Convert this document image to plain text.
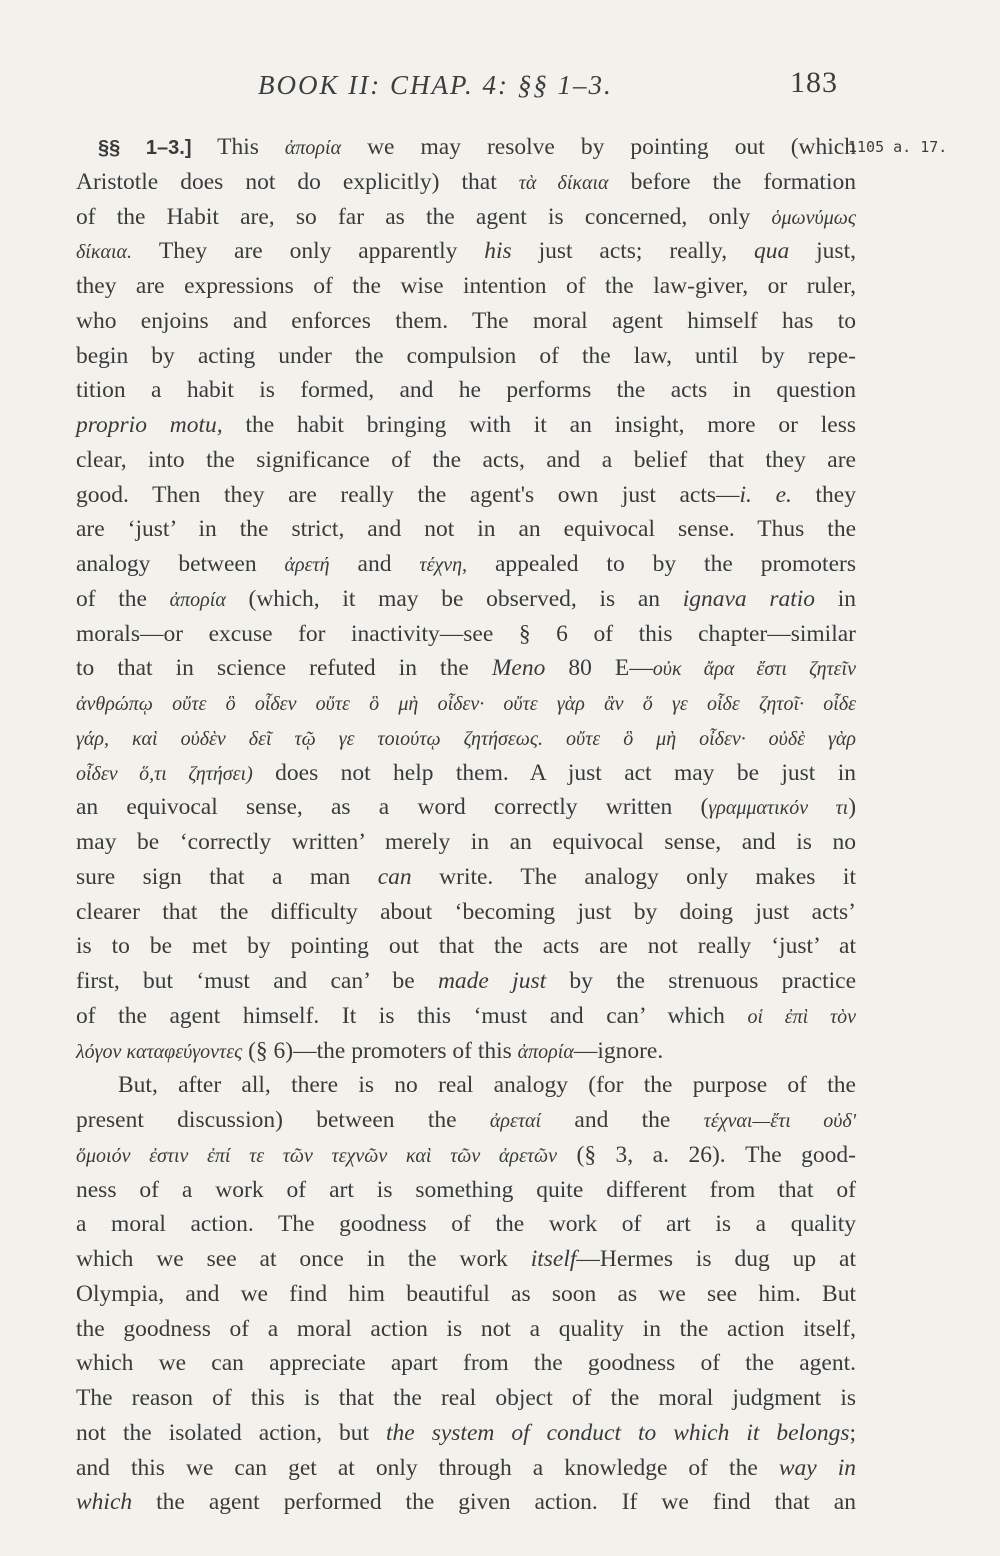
BOOK II: CHAP. 4: §§ 1–3.	183
1105 a. 17.
§§ 1–3.] This ἀπορία we may resolve by pointing out (which
Aristotle does not do explicitly) that τὰ δίκαια before the formation
of the Habit are, so far as the agent is concerned, only ὁμωνύμως
δίκαια. They are only apparently his just acts; really, qua just,
they are expressions of the wise intention of the law-giver, or ruler,
who enjoins and enforces them. The moral agent himself has to
begin by acting under the compulsion of the law, until by repe-
tition a habit is formed, and he performs the acts in question
proprio motu, the habit bringing with it an insight, more or less
clear, into the significance of the acts, and a belief that they are
good. Then they are really the agent's own just acts—i. e. they
are ‘just’ in the strict, and not in an equivocal sense. Thus the
analogy between ἀρετή and τέχνη, appealed to by the promoters
of the ἀπορία (which, it may be observed, is an ignava ratio in
morals—or excuse for inactivity—see § 6 of this chapter—similar
to that in science refuted in the Meno 80 E—οὐκ ἄρα ἔστι ζητεῖν
ἀνθρώπῳ οὔτε ὃ οἶδεν οὔτε ὃ μὴ οἶδεν· οὔτε γὰρ ἂν ὅ γε οἶδε ζητοῖ· οἶδε
γάρ, καὶ οὐδὲν δεῖ τῷ γε τοιούτῳ ζητήσεως. οὔτε ὃ μὴ οἶδεν· οὐδὲ γὰρ
οἶδεν ὅ,τι ζητήσει) does not help them. A just act may be just in
an equivocal sense, as a word correctly written (γραμματικόν τι)
may be ‘correctly written’ merely in an equivocal sense, and is no
sure sign that a man can write. The analogy only makes it
clearer that the difficulty about ‘becoming just by doing just acts’
is to be met by pointing out that the acts are not really ‘just’ at
first, but ‘must and can’ be made just by the strenuous practice
of the agent himself. It is this ‘must and can’ which οἱ ἐπὶ τὸν
λόγον καταφεύγοντες (§ 6)—the promoters of this ἀπορία—ignore.
But, after all, there is no real analogy (for the purpose of the
present discussion) between the ἀρεταί and the τέχναι—ἔτι οὐδ'
ὅμοιόν ἐστιν ἐπί τε τῶν τεχνῶν καὶ τῶν ἀρετῶν (§ 3, a. 26). The good-
ness of a work of art is something quite different from that of
a moral action. The goodness of the work of art is a quality
which we see at once in the work itself—Hermes is dug up at
Olympia, and we find him beautiful as soon as we see him. But
the goodness of a moral action is not a quality in the action itself,
which we can appreciate apart from the goodness of the agent.
The reason of this is that the real object of the moral judgment is
not the isolated action, but the system of conduct to which it belongs;
and this we can get at only through a knowledge of the way in
which the agent performed the given action. If we find that an
